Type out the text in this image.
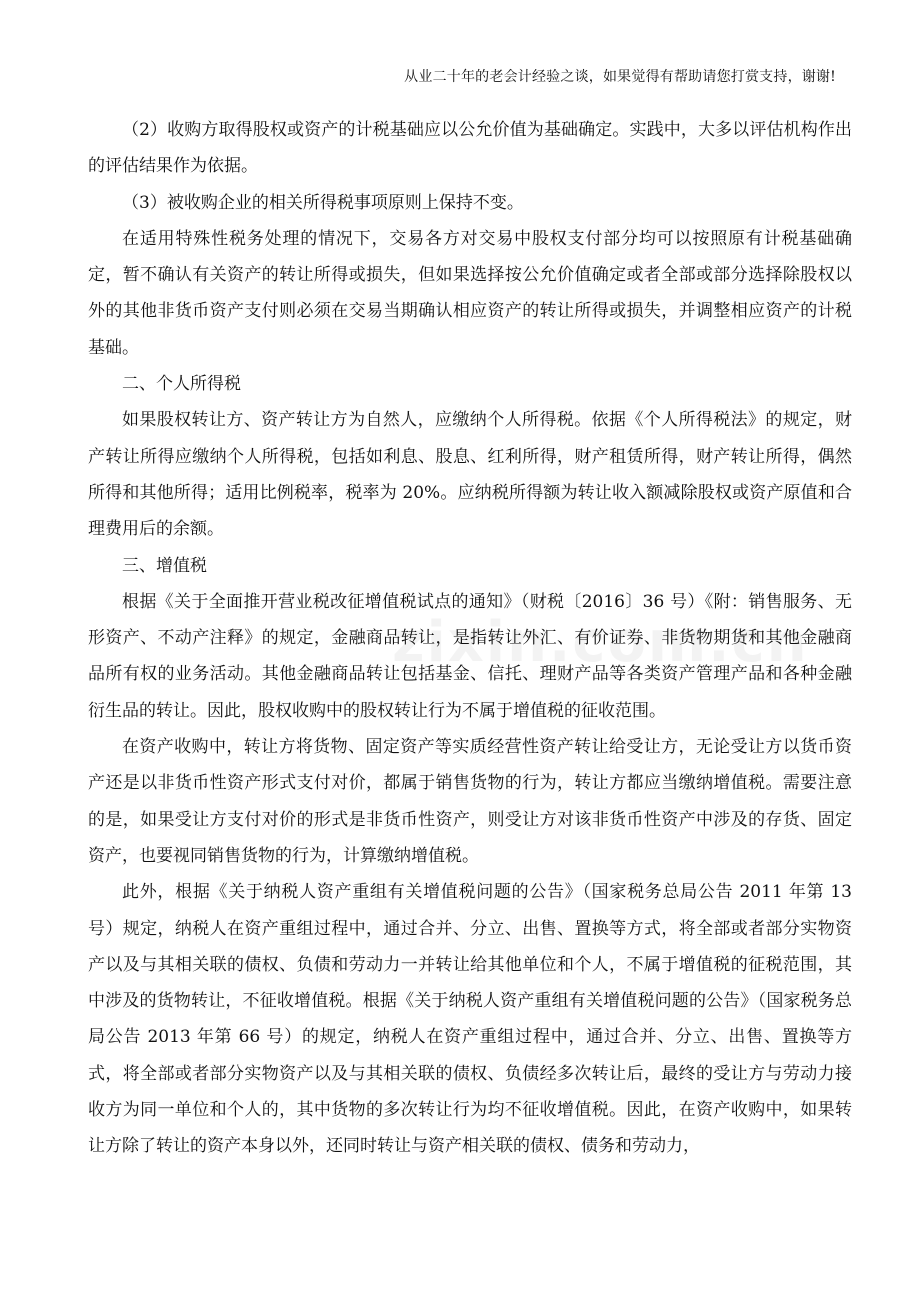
从业二十年的老会计经验之谈，如果觉得有帮助请您打赏支持，谢谢!

（2）收购方取得股权或资产的计税基础应以公允价值为基础确定。实践中，大多以评估机构作出的评估结果作为依据。

（3）被收购企业的相关所得税事项原则上保持不变。

在适用特殊性税务处理的情况下，交易各方对交易中股权支付部分均可以按照原有计税基础确定，暂不确认有关资产的转让所得或损失，但如果选择按公允价值确定或者全部或部分选择除股权以外的其他非货币资产支付则必须在交易当期确认相应资产的转让所得或损失，并调整相应资产的计税基础。

二、个人所得税

如果股权转让方、资产转让方为自然人，应缴纳个人所得税。依据《个人所得税法》的规定，财产转让所得应缴纳个人所得税，包括如利息、股息、红利所得，财产租赁所得，财产转让所得，偶然所得和其他所得；适用比例税率，税率为 20%。应纳税所得额为转让收入额减除股权或资产原值和合理费用后的余额。

三、增值税

根据《关于全面推开营业税改征增值税试点的通知》（财税〔2016〕36 号）《附：销售服务、无形资产、不动产注释》的规定，金融商品转让，是指转让外汇、有价证券、非货物期货和其他金融商品所有权的业务活动。其他金融商品转让包括基金、信托、理财产品等各类资产管理产品和各种金融衍生品的转让。因此，股权收购中的股权转让行为不属于增值税的征收范围。

在资产收购中，转让方将货物、固定资产等实质经营性资产转让给受让方，无论受让方以货币资产还是以非货币性资产形式支付对价，都属于销售货物的行为，转让方都应当缴纳增值税。需要注意的是，如果受让方支付对价的形式是非货币性资产，则受让方对该非货币性资产中涉及的存货、固定资产，也要视同销售货物的行为，计算缴纳增值税。

此外，根据《关于纳税人资产重组有关增值税问题的公告》（国家税务总局公告 2011 年第 13 号）规定，纳税人在资产重组过程中，通过合并、分立、出售、置换等方式，将全部或者部分实物资产以及与其相关联的债权、负债和劳动力一并转让给其他单位和个人，不属于增值税的征税范围，其中涉及的货物转让，不征收增值税。根据《关于纳税人资产重组有关增值税问题的公告》（国家税务总局公告 2013 年第 66 号）的规定，纳税人在资产重组过程中，通过合并、分立、出售、置换等方式，将全部或者部分实物资产以及与其相关联的债权、负债经多次转让后，最终的受让方与劳动力接收方为同一单位和个人的，其中货物的多次转让行为均不征收增值税。因此，在资产收购中，如果转让方除了转让的资产本身以外，还同时转让与资产相关联的债权、债务和劳动力，
